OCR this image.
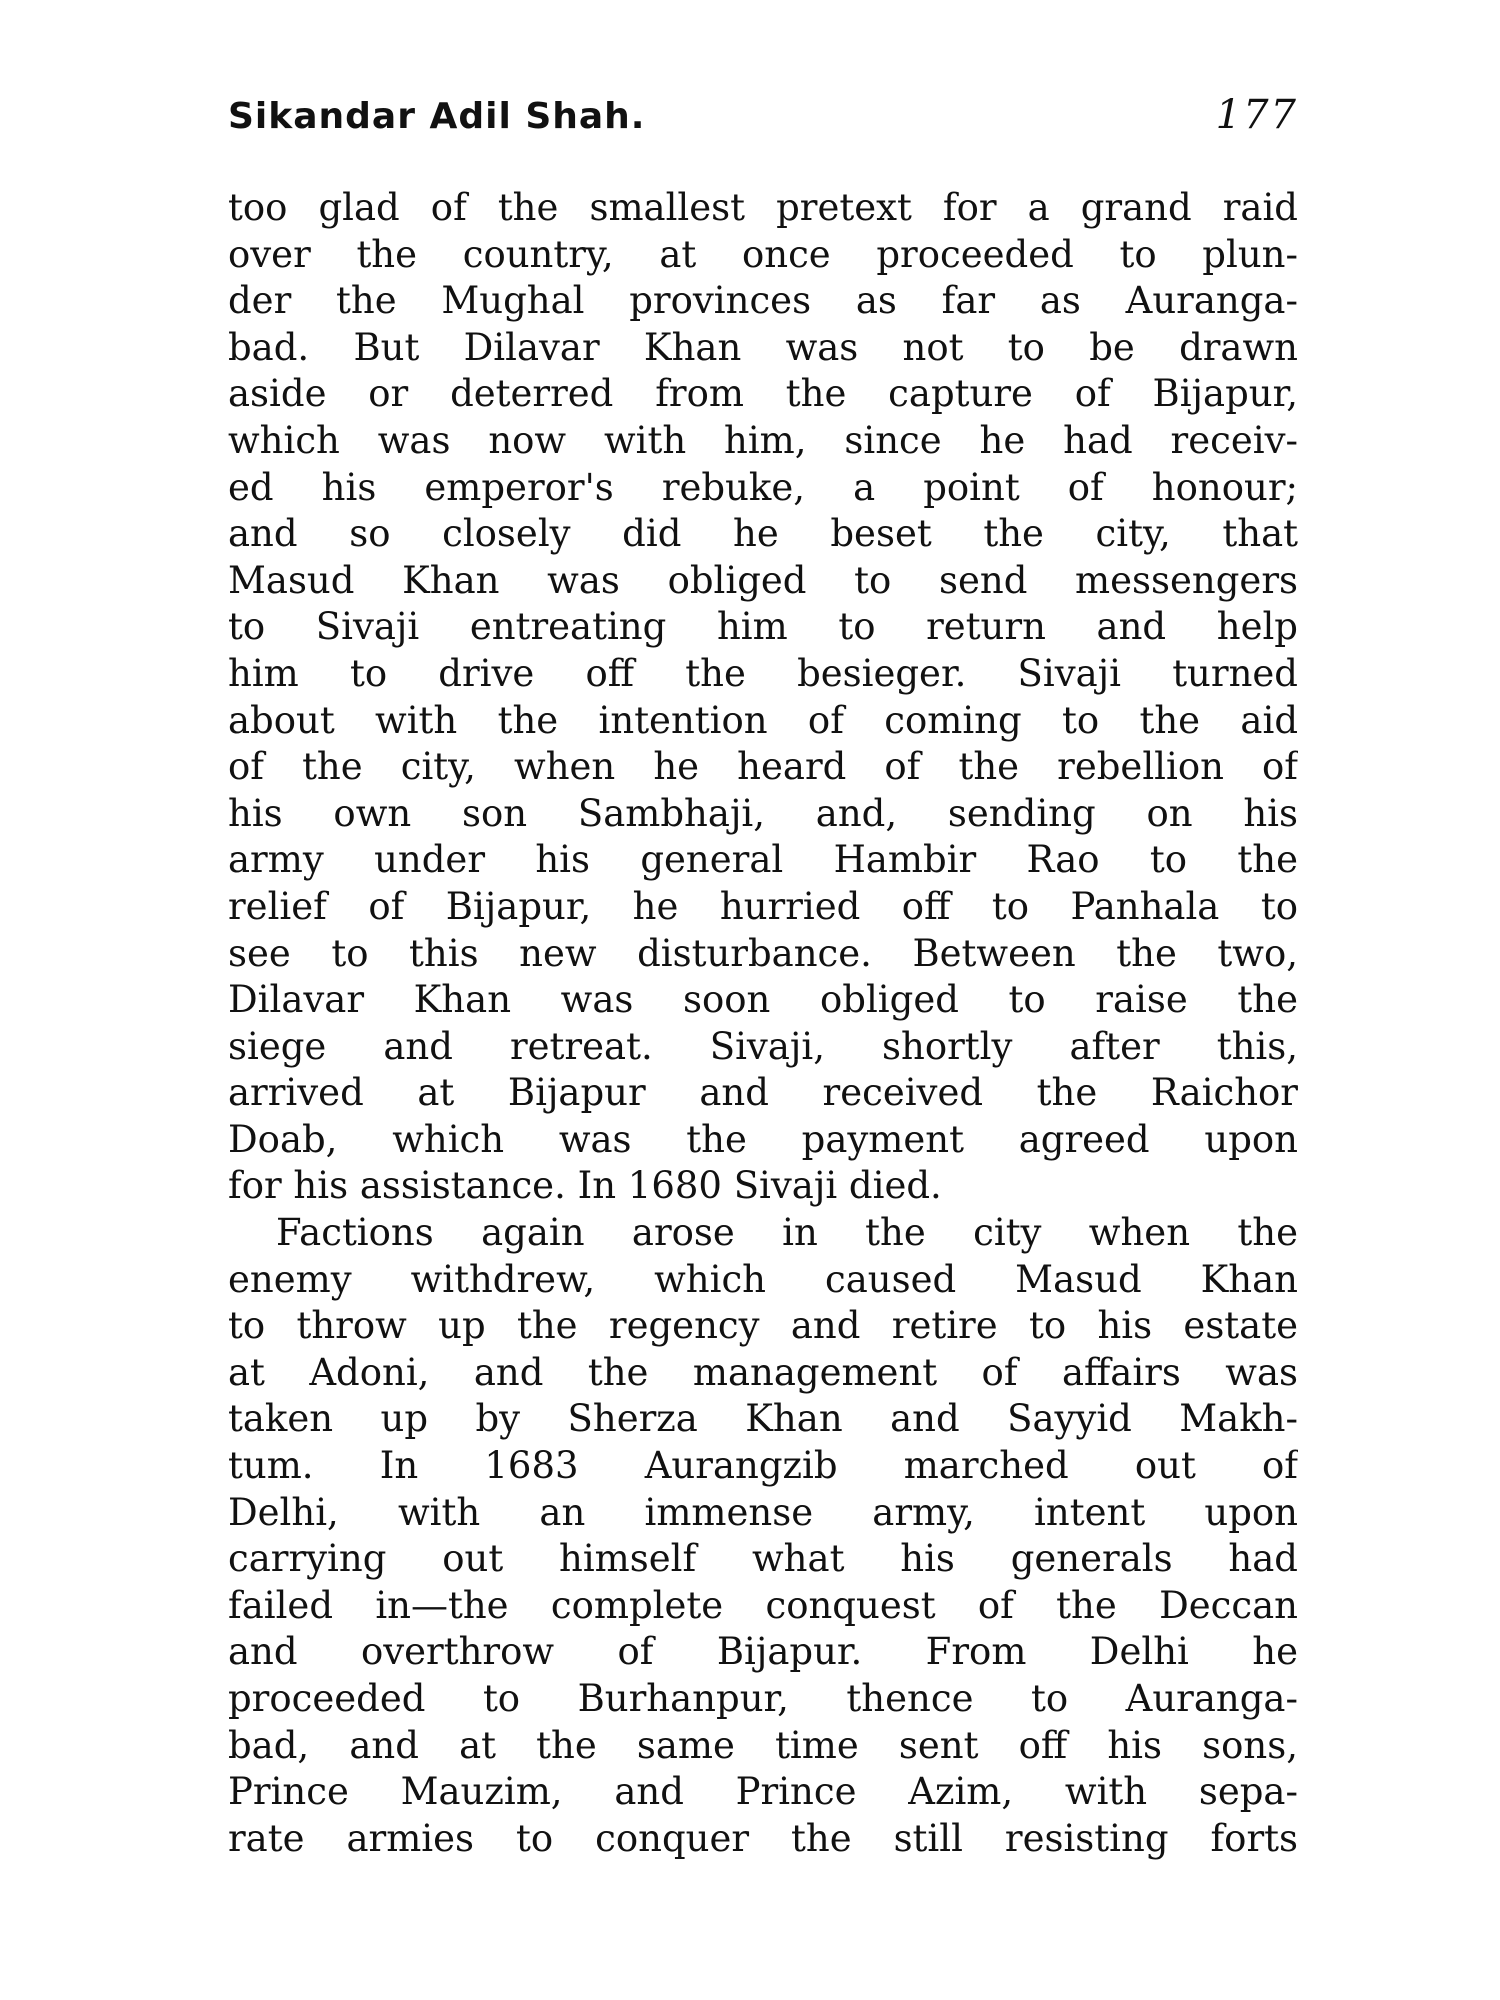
Sikandar Adil Shah.	177
too glad of the smallest pretext for a grand raid
over the country, at once proceeded to plun-
der the Mughal provinces as far as Auranga-
bad. But Dilavar Khan was not to be drawn
aside or deterred from the capture of Bijapur,
which was now with him, since he had receiv-
ed his emperor's rebuke, a point of honour;
and so closely did he beset the city, that
Masud Khan was obliged to send messengers
to Sivaji entreating him to return and help
him to drive off the besieger. Sivaji turned
about with the intention of coming to the aid
of the city, when he heard of the rebellion of
his own son Sambhaji, and, sending on his
army under his general Hambir Rao to the
relief of Bijapur, he hurried off to Panhala to
see to this new disturbance. Between the two,
Dilavar Khan was soon obliged to raise the
siege and retreat. Sivaji, shortly after this,
arrived at Bijapur and received the Raichor
Doab, which was the payment agreed upon
for his assistance. In 1680 Sivaji died.
Factions again arose in the city when the
enemy withdrew, which caused Masud Khan
to throw up the regency and retire to his estate
at Adoni, and the management of affairs was
taken up by Sherza Khan and Sayyid Makh-
tum. In 1683 Aurangzib marched out of
Delhi, with an immense army, intent upon
carrying out himself what his generals had
failed in—the complete conquest of the Deccan
and overthrow of Bijapur. From Delhi he
proceeded to Burhanpur, thence to Auranga-
bad, and at the same time sent off his sons,
Prince Mauzim, and Prince Azim, with sepa-
rate armies to conquer the still resisting forts
